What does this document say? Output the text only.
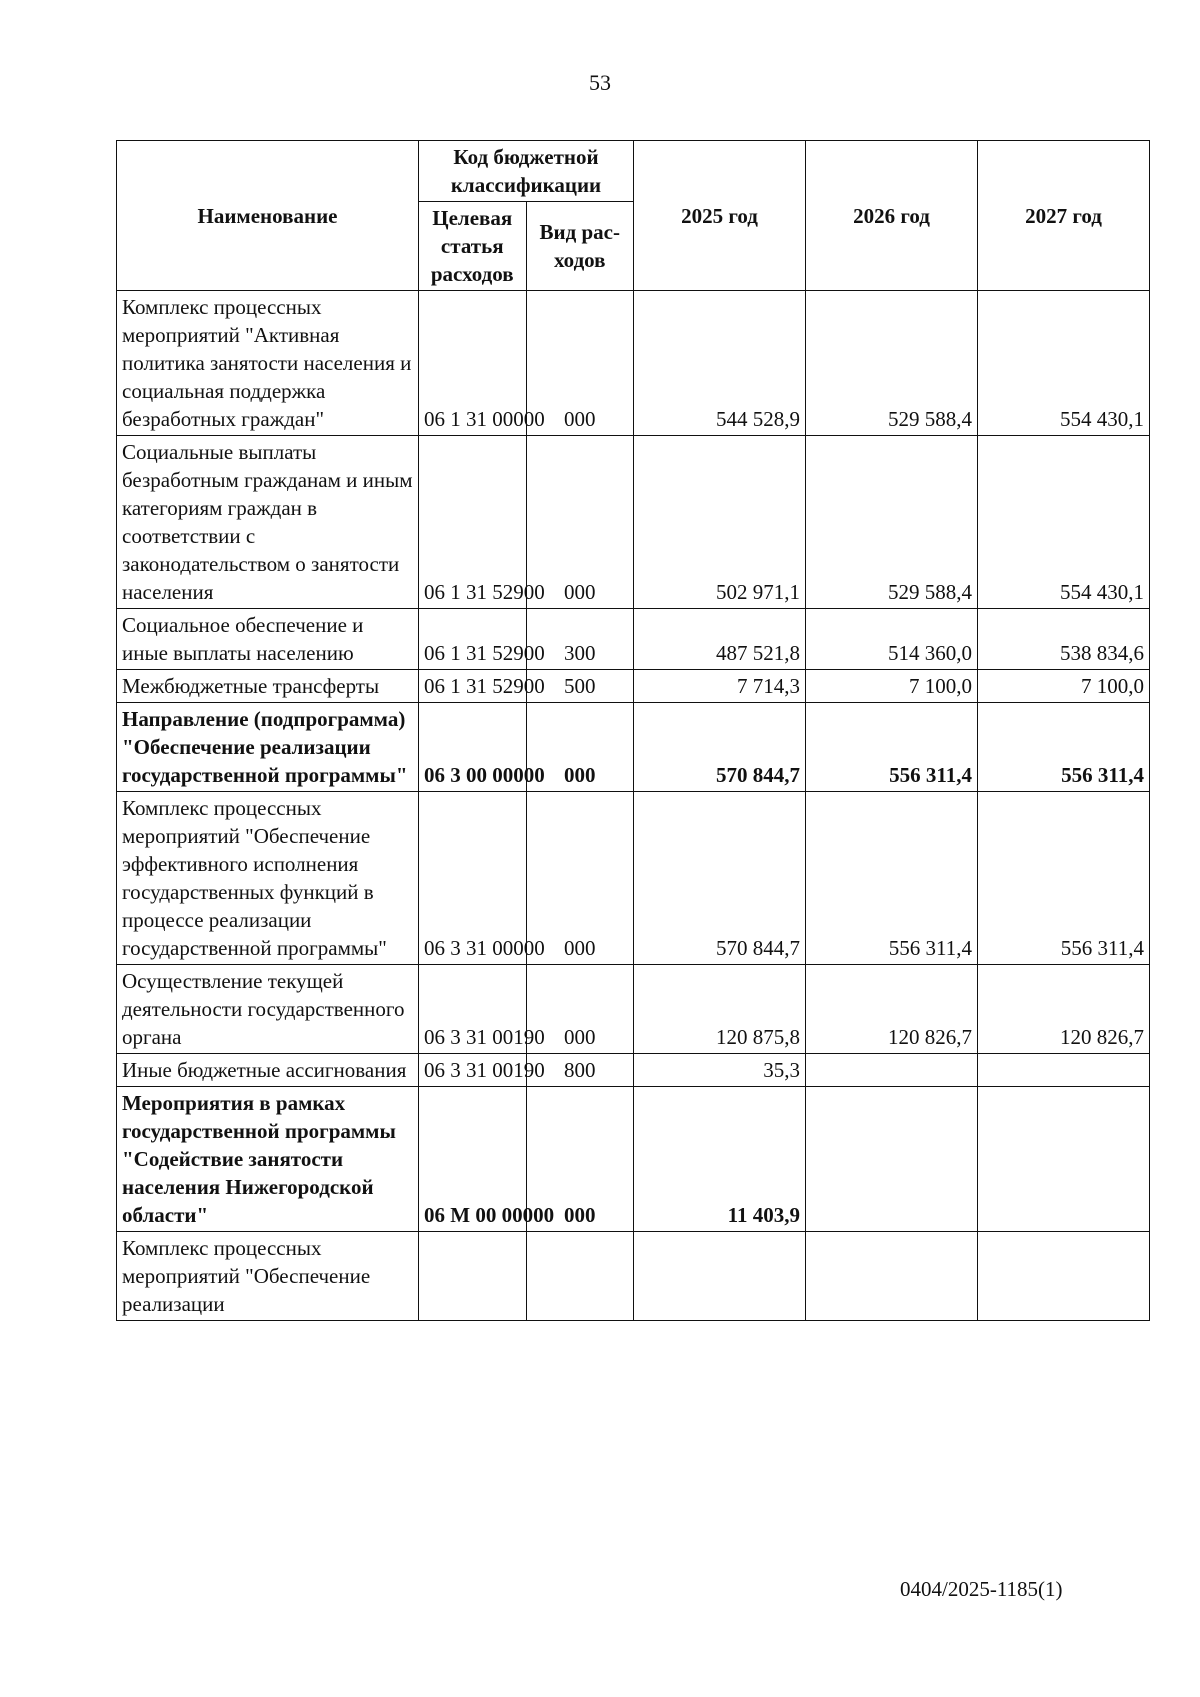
53
Наименование	Код бюджетной классификации		2025 год	2026 год	2027 год
	Целевая статья расходов	Вид рас-ходов			
Комплекс процессных мероприятий "Активная политика занятости населения и социальная поддержка безработных граждан"	06 1 31 00000	000	544 528,9	529 588,4	554 430,1
Социальные выплаты безработным гражданам и иным категориям граждан в соответствии с законодательством о занятости населения	06 1 31 52900	000	502 971,1	529 588,4	554 430,1
Социальное обеспечение и иные выплаты населению	06 1 31 52900	300	487 521,8	514 360,0	538 834,6
Межбюджетные трансферты	06 1 31 52900	500	7 714,3	7 100,0	7 100,0
Направление (подпрограмма) "Обеспечение реализации государственной программы"	06 3 00 00000	000	570 844,7	556 311,4	556 311,4
Комплекс процессных мероприятий "Обеспечение эффективного исполнения государственных функций в процессе реализации государственной программы"	06 3 31 00000	000	570 844,7	556 311,4	556 311,4
Осуществление текущей деятельности государственного органа	06 3 31 00190	000	120 875,8	120 826,7	120 826,7
Иные бюджетные ассигнования	06 3 31 00190	800	35,3		
Мероприятия в рамках государственной программы "Содействие занятости населения Нижегородской области"	06 М 00 00000	000	11 403,9		
Комплекс процессных мероприятий "Обеспечение реализации					
0404/2025-1185(1)
